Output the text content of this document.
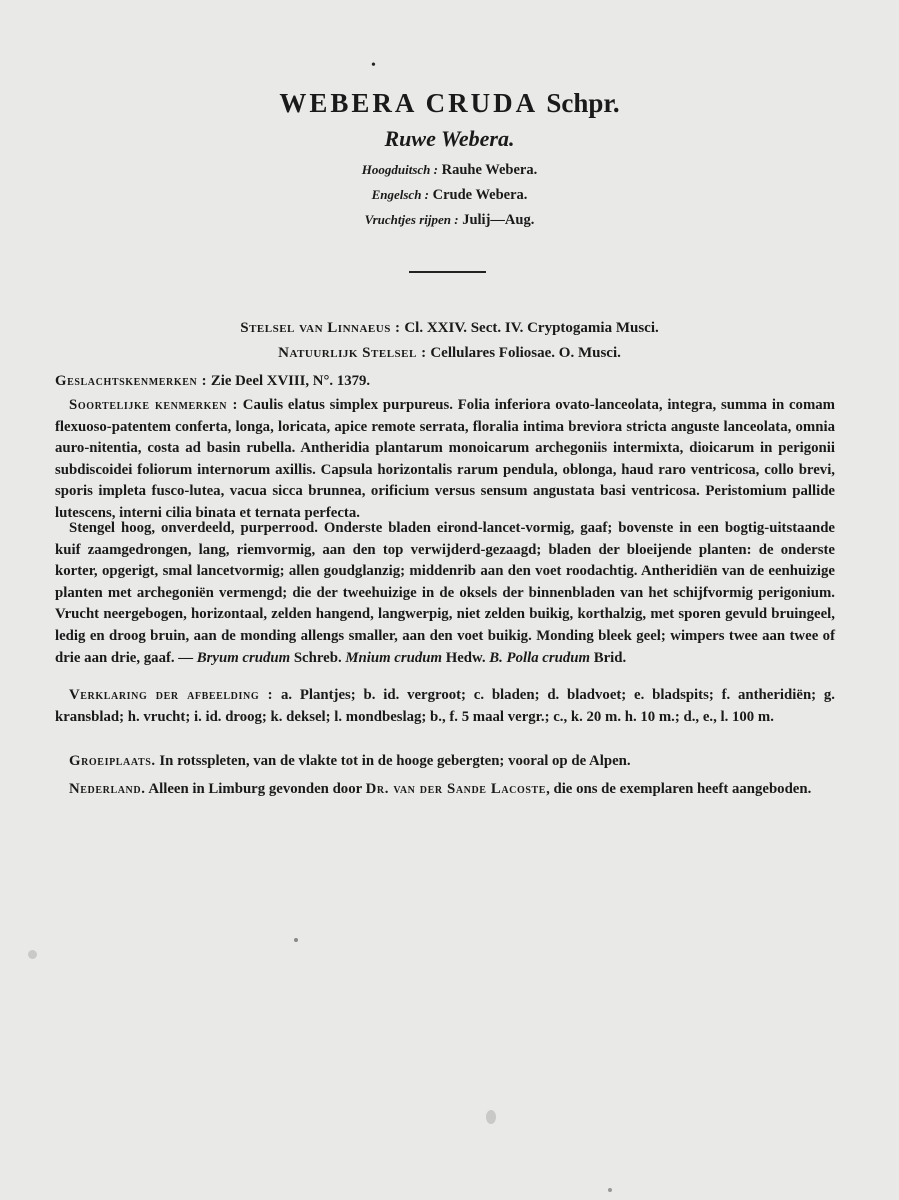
•
WEBERA CRUDA Schpr.
Ruwe Webera.
Hoogduitsch : Rauhe Webera.
Engelsch : Crude Webera.
Vruchtjes rijpen : Julij—Aug.
Stelsel van Linnaeus : Cl. XXIV. Sect. IV. Cryptogamia Musci.
Natuurlijk Stelsel : Cellulares Foliosae. O. Musci.
Geslachtskenmerken : Zie Deel XVIII, N°. 1379.
Soortelijke kenmerken : Caulis elatus simplex purpureus. Folia inferiora ovato-lanceolata, integra, summa in comam flexuoso-patentem conferta, longa, loricata, apice remote serrata, floralia intima breviora stricta anguste lanceolata, omnia auro-nitentia, costa ad basin rubella. Antheridia plantarum monoicarum archegoniis intermixta, dioicarum in perigonii subdiscoidei foliorum internorum axillis. Capsula horizontalis rarum pendula, oblonga, haud raro ventricosa, collo brevi, sporis impleta fusco-lutea, vacua sicca brunnea, orificium versus sensum angustata basi ventricosa. Peristomium pallide lutescens, interni cilia binata et ternata perfecta.
Stengel hoog, onverdeeld, purperrood. Onderste bladen eirond-lancet-vormig, gaaf; bovenste in een bogtig-uitstaande kuif zaamgedrongen, lang, riemvormig, aan den top verwijderd-gezaagd; bladen der bloeijende planten: de onderste korter, opgerigt, smal lancetvormig; allen goudglanzig; middenrib aan den voet roodachtig. Antheridiën van de eenhuizige planten met archegoniën vermengd; die der tweehuizige in de oksels der binnenbladen van het schijfvormig perigonium. Vrucht neergebogen, horizontaal, zelden hangend, langwerpig, niet zelden buikig, korthalzig, met sporen gevuld bruingeel, ledig en droog bruin, aan de monding allengs smaller, aan den voet buikig. Monding bleek geel; wimpers twee aan twee of drie aan drie, gaaf. — Bryum crudum Schreb. Mnium crudum Hedw. B. Polla crudum Brid.
Verklaring der afbeelding : a. Plantjes; b. id. vergroot; c. bladen; d. bladvoet; e. bladspits; f. antheridiën; g. kransblad; h. vrucht; i. id. droog; k. deksel; l. mondbeslag; b., f. 5 maal vergr.; c., k. 20 m. h. 10 m.; d., e., l. 100 m.
Groeiplaats. In rotsspleten, van de vlakte tot in de hooge gebergten; vooral op de Alpen.
Nederland. Alleen in Limburg gevonden door Dr. van der Sande Lacoste, die ons de exemplaren heeft aangeboden.
